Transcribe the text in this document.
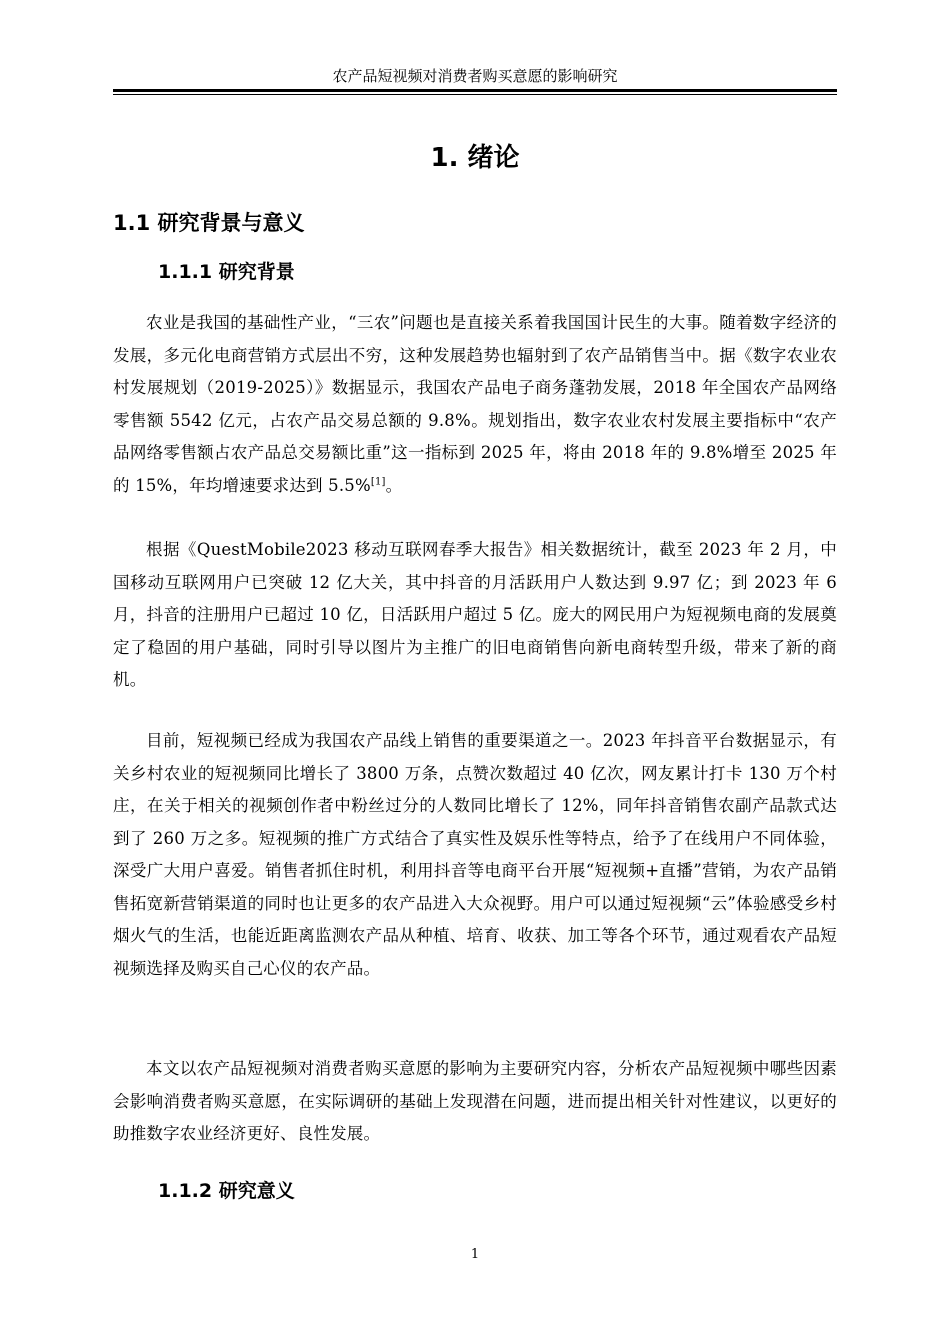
农产品短视频对消费者购买意愿的影响研究
1. 绪论
1.1 研究背景与意义
1.1.1 研究背景

农业是我国的基础性产业，“三农”问题也是直接关系着我国国计民生的大事。随着数字经济的发展，多元化电商营销方式层出不穷，这种发展趋势也辐射到了农产品销售当中。据《数字农业农村发展规划（2019-2025）》数据显示，我国农产品电子商务蓬勃发展，2018 年全国农产品网络零售额 5542 亿元，占农产品交易总额的 9.8%。规划指出，数字农业农村发展主要指标中“农产品网络零售额占农产品总交易额比重”这一指标到 2025 年，将由 2018 年的 9.8%增至 2025 年的 15%，年均增速要求达到 5.5%[1]。

根据《QuestMobile2023 移动互联网春季大报告》相关数据统计，截至 2023 年 2 月，中国移动互联网用户已突破 12 亿大关，其中抖音的月活跃用户人数达到 9.97 亿；到 2023 年 6 月，抖音的注册用户已超过 10 亿，日活跃用户超过 5 亿。庞大的网民用户为短视频电商的发展奠定了稳固的用户基础，同时引导以图片为主推广的旧电商销售向新电商转型升级，带来了新的商机。

目前，短视频已经成为我国农产品线上销售的重要渠道之一。2023 年抖音平台数据显示，有关乡村农业的短视频同比增长了 3800 万条，点赞次数超过 40 亿次，网友累计打卡 130 万个村庄，在关于相关的视频创作者中粉丝过分的人数同比增长了 12%，同年抖音销售农副产品款式达到了 260 万之多。短视频的推广方式结合了真实性及娱乐性等特点，给予了在线用户不同体验，深受广大用户喜爱。销售者抓住时机，利用抖音等电商平台开展“短视频+直播”营销，为农产品销售拓宽新营销渠道的同时也让更多的农产品进入大众视野。用户可以通过短视频“云”体验感受乡村烟火气的生活，也能近距离监测农产品从种植、培育、收获、加工等各个环节，通过观看农产品短视频选择及购买自己心仪的农产品。

本文以农产品短视频对消费者购买意愿的影响为主要研究内容，分析农产品短视频中哪些因素会影响消费者购买意愿，在实际调研的基础上发现潜在问题，进而提出相关针对性建议，以更好的助推数字农业经济更好、良性发展。

1.1.2 研究意义
1
